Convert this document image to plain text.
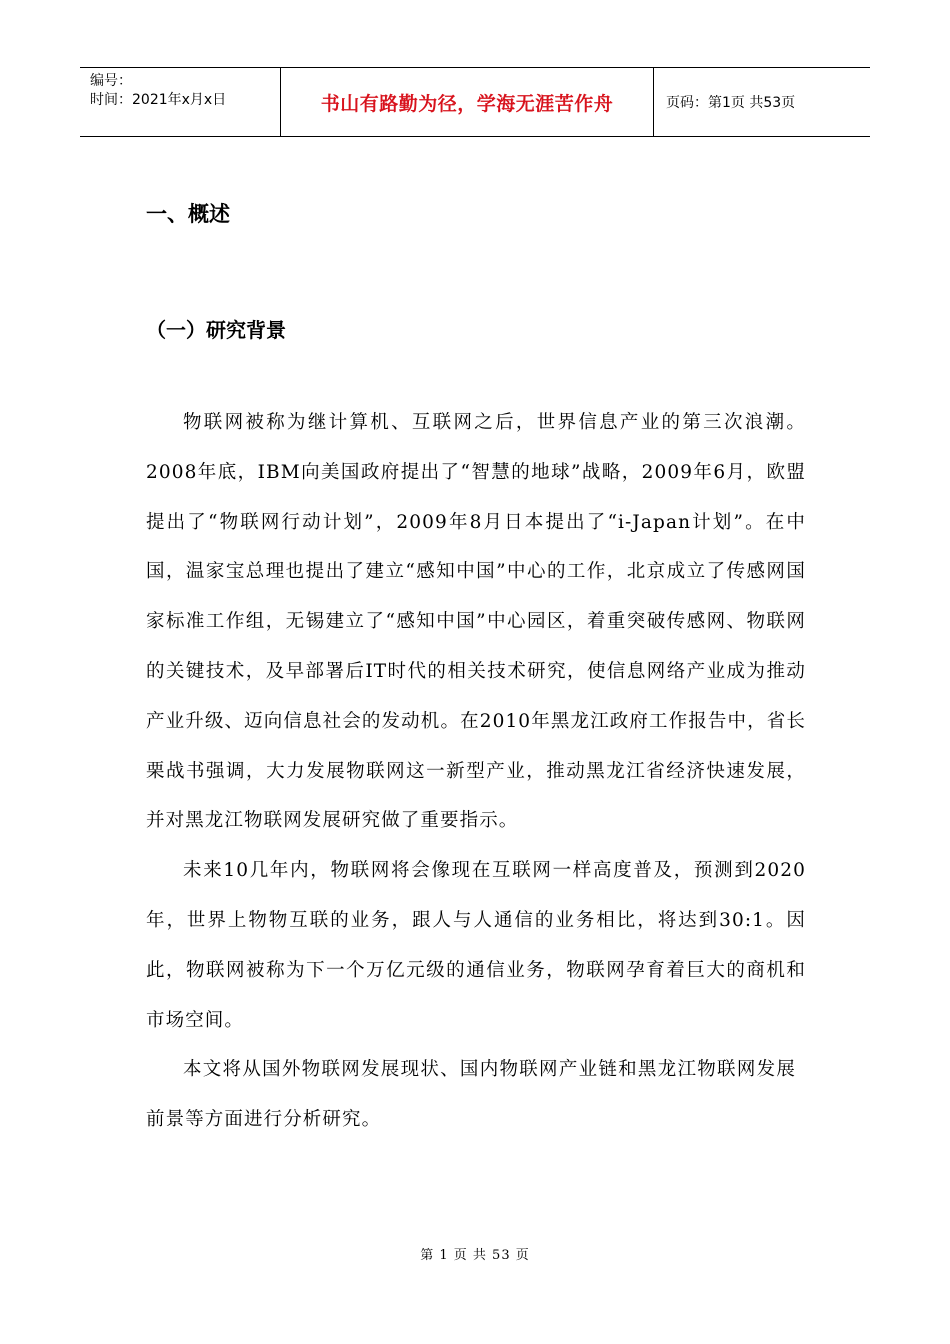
编号：
时间：2021年x月x日	书山有路勤为径，学海无涯苦作舟	页码：第1页 共53页
一、概述
（一）研究背景

物联网被称为继计算机、互联网之后，世界信息产业的第三次浪潮。2008年底，IBM向美国政府提出了“智慧的地球”战略，2009年6月，欧盟提出了“物联网行动计划”，2009年8月日本提出了“i-Japan计划”。在中国，温家宝总理也提出了建立“感知中国”中心的工作，北京成立了传感网国家标准工作组，无锡建立了“感知中国”中心园区，着重突破传感网、物联网的关键技术，及早部署后IT时代的相关技术研究，使信息网络产业成为推动产业升级、迈向信息社会的发动机。在2010年黑龙江政府工作报告中，省长栗战书强调，大力发展物联网这一新型产业，推动黑龙江省经济快速发展，并对黑龙江物联网发展研究做了重要指示。

未来10几年内，物联网将会像现在互联网一样高度普及，预测到2020年，世界上物物互联的业务，跟人与人通信的业务相比，将达到30:1。因此，物联网被称为下一个万亿元级的通信业务，物联网孕育着巨大的商机和市场空间。

本文将从国外物联网发展现状、国内物联网产业链和黑龙江物联网发展前景等方面进行分析研究。

第 1 页 共 53 页
